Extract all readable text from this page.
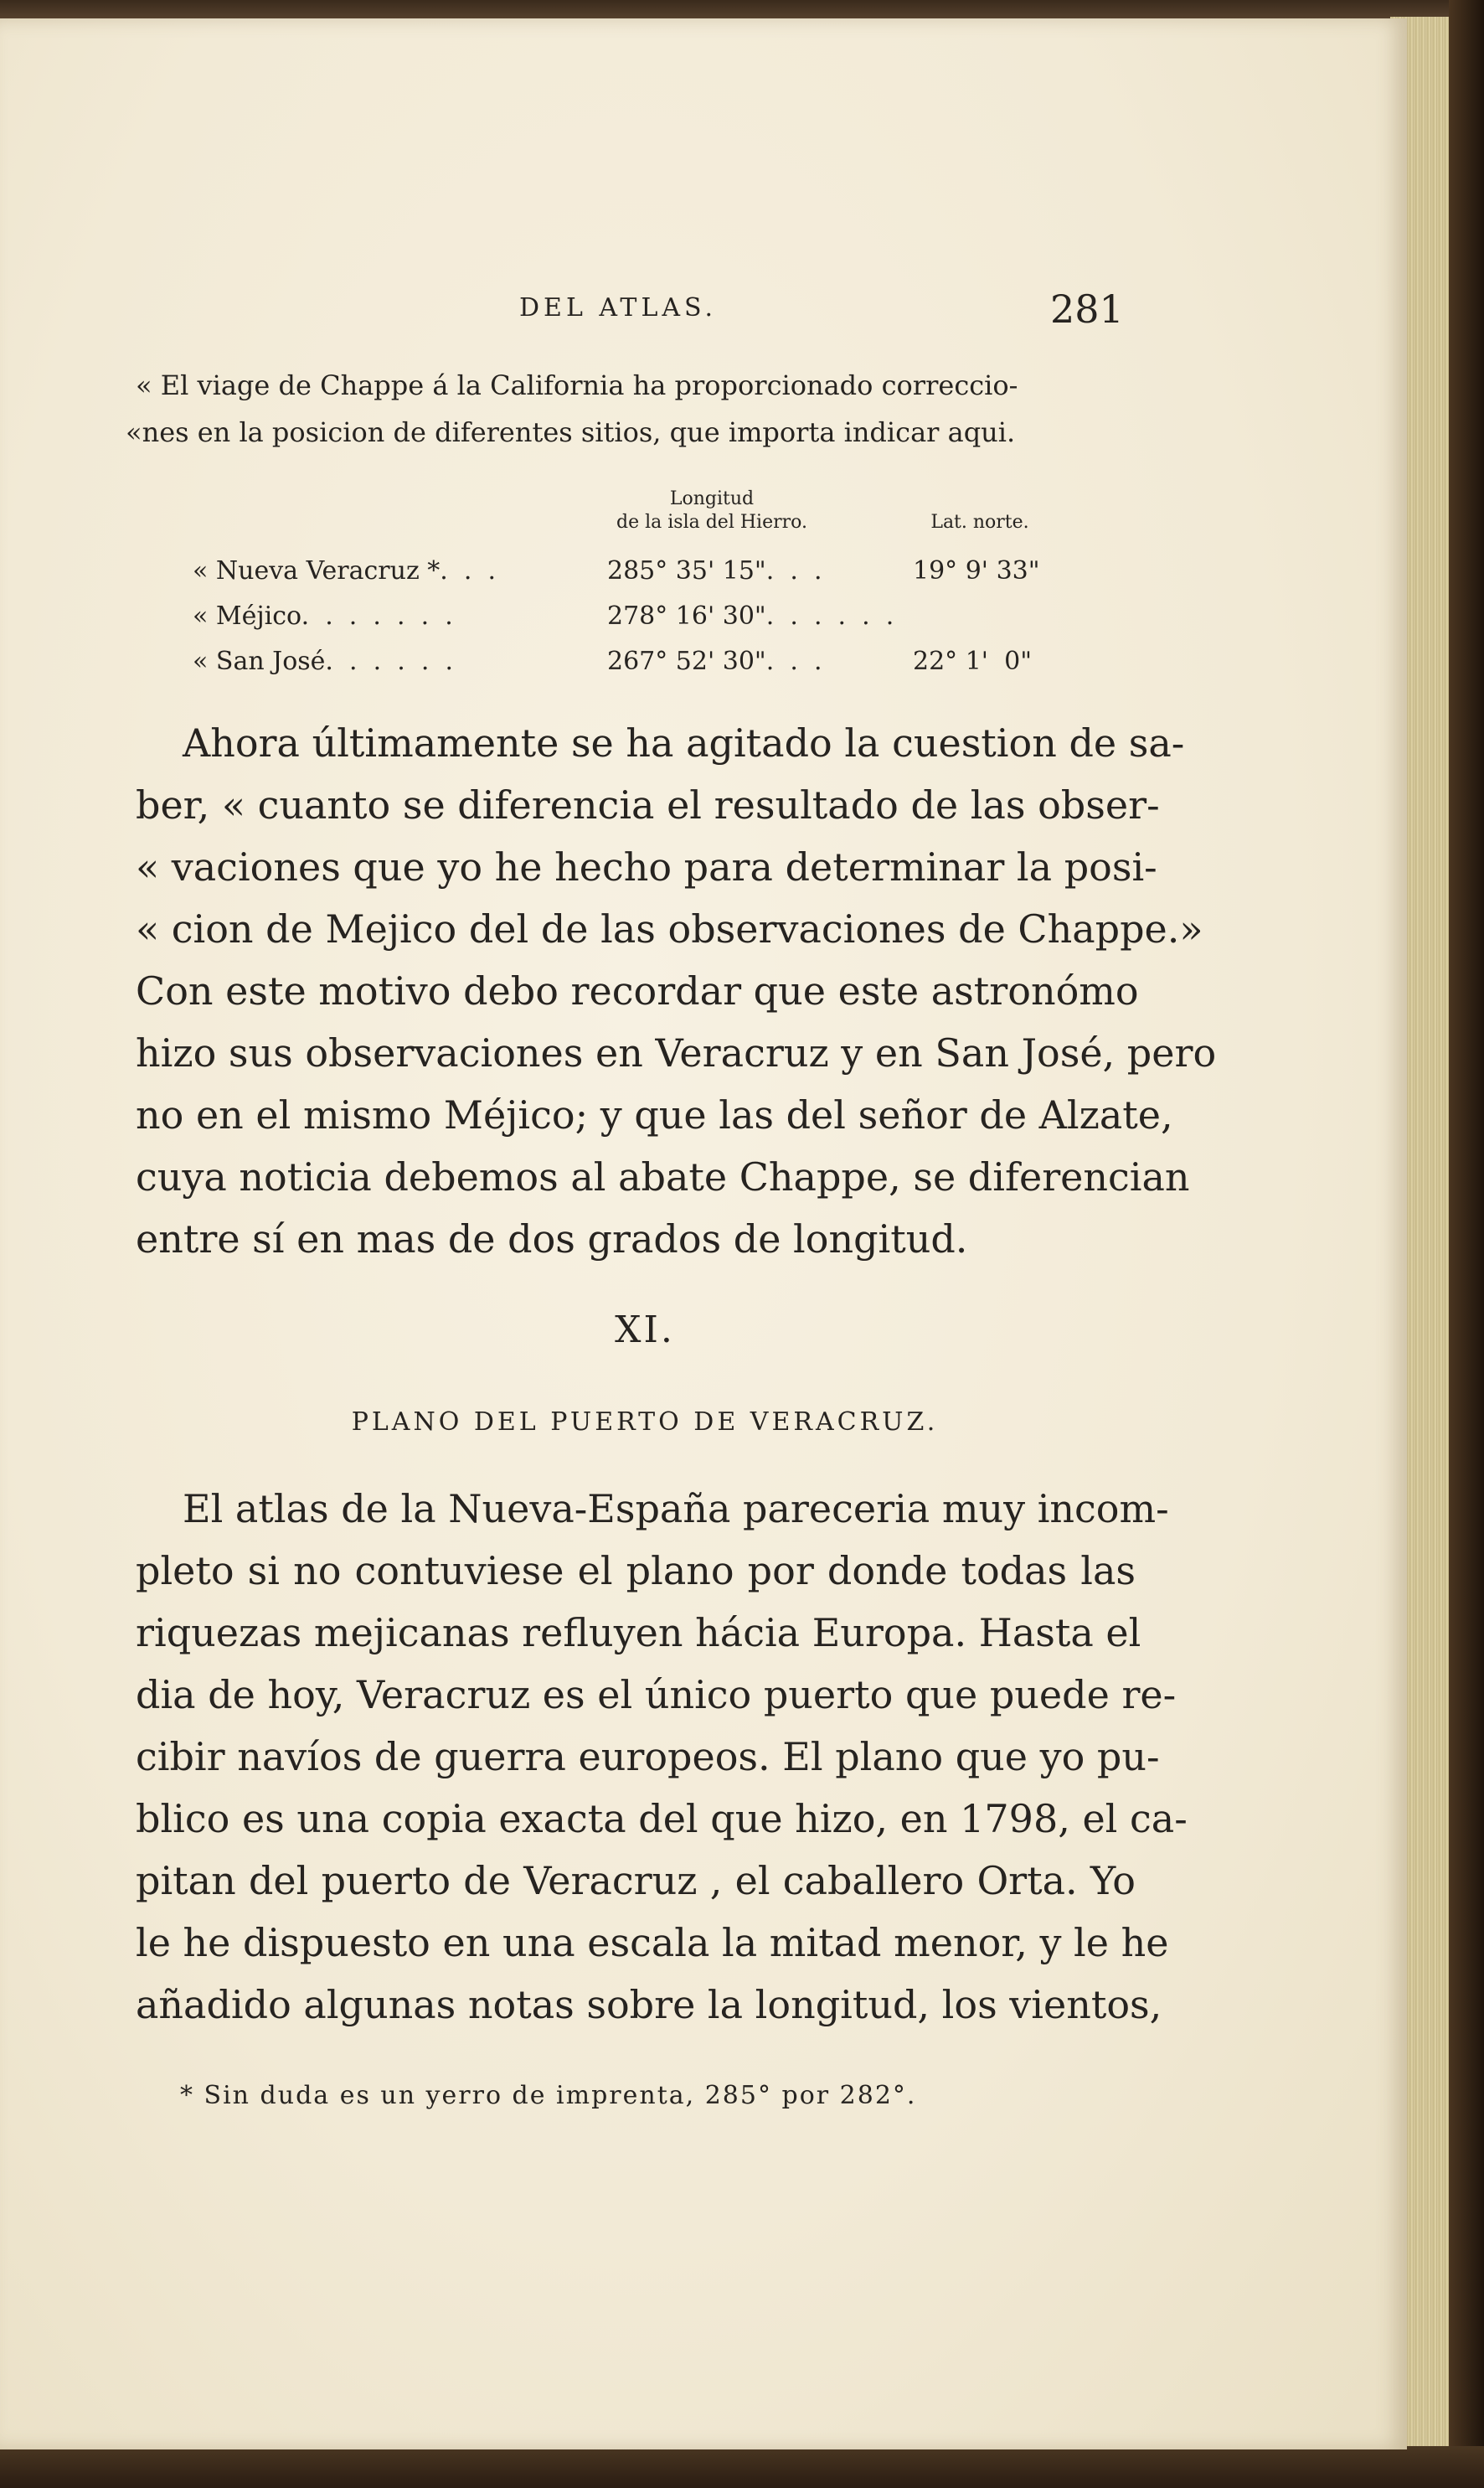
DEL ATLAS.	281

« El viage de Chappe á la California ha proporcionado correccio-

«nes en la posicion de diferentes sitios, que importa indicar aqui.

Longitud
de la isla del Hierro.	Lat. norte.
« Nueva Veracruz *.  .  .	285° 35' 15".  .  .	19° 9' 33"
« Méjico.  .  .  .  .  .  .	278° 16' 30".  .  .  .  .  .
« San José.  .  .  .  .  .	267° 52' 30".  .  .	22° 1'  0"

Ahora últimamente se ha agitado la cuestion de sa-

ber, « cuanto se diferencia el resultado de las obser-

« vaciones que yo he hecho para determinar la posi-

« cion de Mejico del de las observaciones de Chappe.»

Con este motivo debo recordar que este astronómo

hizo sus observaciones en Veracruz y en San José, pero

no en el mismo Méjico; y que las del señor de Alzate,

cuya noticia debemos al abate Chappe, se diferencian

entre sí en mas de dos grados de longitud.

XI.
PLANO DEL PUERTO DE VERACRUZ.

El atlas de la Nueva-España pareceria muy incom-

pleto si no contuviese el plano por donde todas las

riquezas mejicanas refluyen hácia Europa. Hasta el

dia de hoy, Veracruz es el único puerto que puede re-

cibir navíos de guerra europeos. El plano que yo pu-

blico es una copia exacta del que hizo, en 1798, el ca-

pitan del puerto de Veracruz , el caballero Orta. Yo

le he dispuesto en una escala la mitad menor, y le he

añadido algunas notas sobre la longitud, los vientos,

* Sin duda es un yerro de imprenta, 285° por 282°.
